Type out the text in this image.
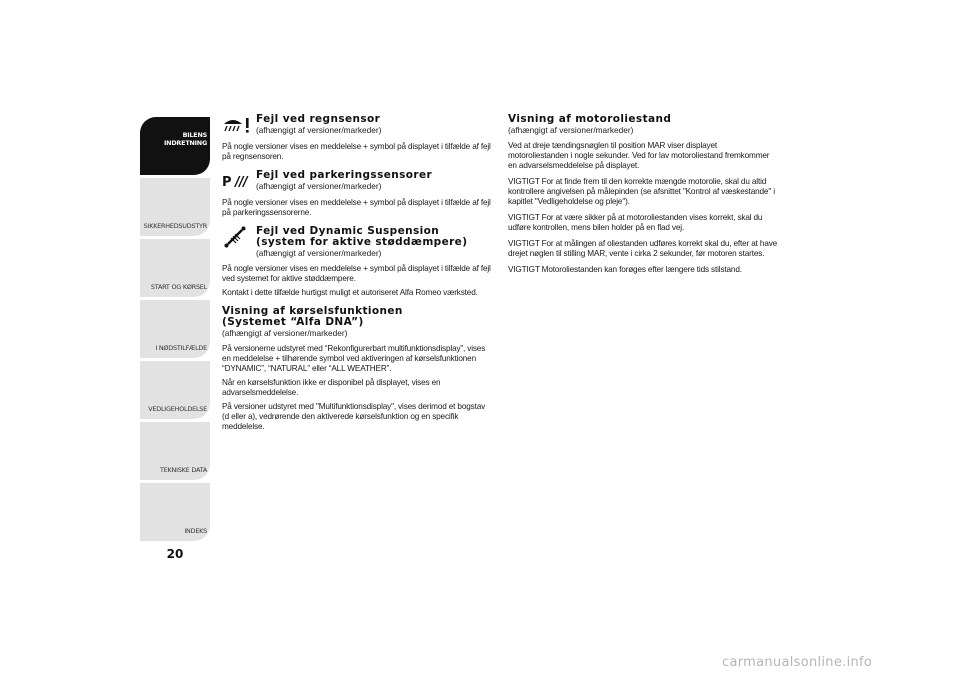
BILENS
INDRETNING
SIKKERHEDSUDSTYR
START OG KØRSEL
I NØDSTILFÆLDE
VEDLIGEHOLDELSE
TEKNISKE DATA
INDEKS
20
Fejl ved regnsensor
(afhængigt af versioner/markeder)

På nogle versioner vises en meddelelse + symbol på displayet i tilfælde af fejl på regnsensoren.

P Fejl ved parkeringssensorer
(afhængigt af versioner/markeder)

På nogle versioner vises en meddelelse + symbol på displayet i tilfælde af fejl på parkeringssensorerne.

Fejl ved Dynamic Suspension
(system for aktive støddæmpere)
(afhængigt af versioner/markeder)

På nogle versioner vises en meddelelse + symbol på displayet i tilfælde af fejl ved systemet for aktive støddæmpere.

Kontakt i dette tilfælde hurtigst muligt et autoriseret Alfa Romeo værksted.

Visning af kørselsfunktionen
(Systemet “Alfa DNA”)
(afhængigt af versioner/markeder)

På versionerne udstyret med “Rekonfigurerbart multifunktionsdisplay”, vises en meddelelse + tilhørende symbol ved aktiveringen af kørselsfunktionen “DYNAMIC”, “NATURAL” eller “ALL WEATHER”.

Når en kørselsfunktion ikke er disponibel på displayet, vises en advarselsmeddelelse.

På versioner udstyret med "Multifunktionsdisplay", vises derimod et bogstav (d eller a), vedrørende den aktiverede kørselsfunktion og en specifik meddelelse.

Visning af motoroliestand
(afhængigt af versioner/markeder)

Ved at dreje tændingsnøglen til position MAR viser displayet motoroliestanden i nogle sekunder. Ved for lav motoroliestand fremkommer en advarselsmeddelelse på displayet.

VIGTIGT For at finde frem til den korrekte mængde motorolie, skal du altid kontrollere angivelsen på målepinden (se afsnittet "Kontrol af væskestande" i kapitlet "Vedligeholdelse og pleje").

VIGTIGT For at være sikker på at motoroliestanden vises korrekt, skal du udføre kontrollen, mens bilen holder på en flad vej.

VIGTIGT For at målingen af oliestanden udføres korrekt skal du, efter at have drejet nøglen til stilling MAR, vente i cirka 2 sekunder, før motoren startes.

VIGTIGT Motoroliestanden kan forøges efter længere tids stilstand.

carmanualsonline.info
